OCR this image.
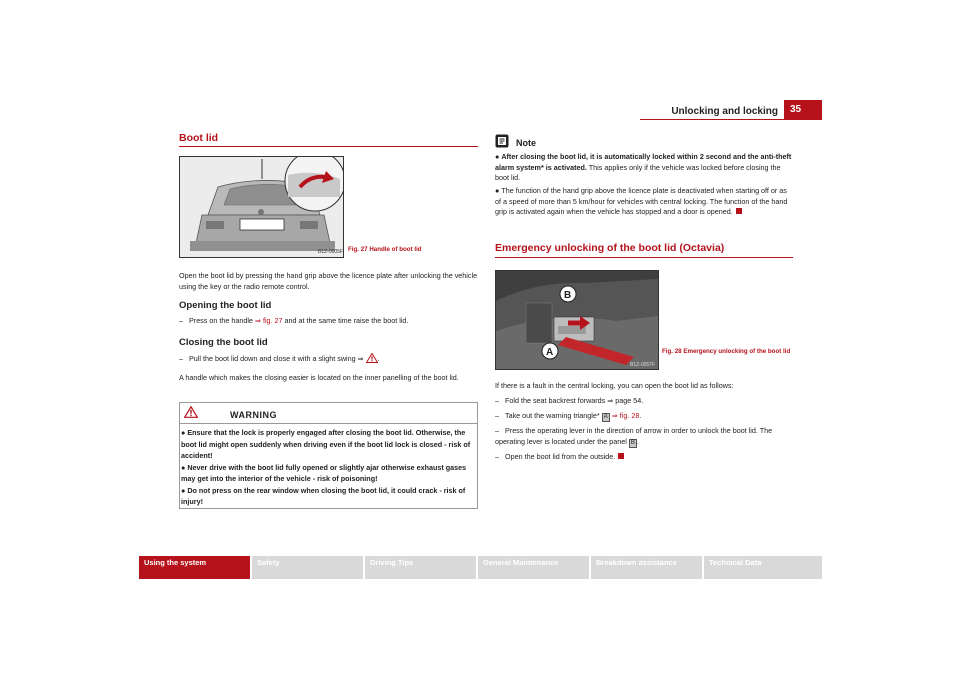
Unlocking and locking	35
Boot lid
B1Z-0005F Fig. 27 Handle of boot lid
Open the boot lid by pressing the hand grip above the licence plate after unlocking the vehicle using the key or the radio remote control.
Opening the boot lid
– Press on the handle ⇒ fig. 27 and at the same time raise the boot lid.
Closing the boot lid
– Pull the boot lid down and close it with a slight swing ⇒ .
A handle which makes the closing easier is located on the inner panelling of the boot lid.
WARNING
● Ensure that the lock is properly engaged after closing the boot lid. Otherwise, the boot lid might open suddenly when driving even if the boot lid lock is closed - risk of accident!
● Never drive with the boot lid fully opened or slightly ajar otherwise exhaust gases may get into the interior of the vehicle - risk of poisoning!
● Do not press on the rear window when closing the boot lid, it could crack - risk of injury!
Note
● After closing the boot lid, it is automatically locked within 2 second and the anti-theft alarm system* is activated. This applies only if the vehicle was locked before closing the boot lid.
● The function of the hand grip above the licence plate is deactivated when starting off or as of a speed of more than 5 km/hour for vehicles with central locking. The function of the hand grip is activated again when the vehicle has stopped and a door is opened.
Emergency unlocking of the boot lid (Octavia)
B
A
B1Z-0057F
Fig. 28 Emergency unlocking of the boot lid
If there is a fault in the central locking, you can open the boot lid as follows:
– Fold the seat backrest forwards ⇒ page 54.
– Take out the warning triangle* A ⇒ fig. 28.
– Press the operating lever in the direction of arrow in order to unlock the boot lid. The operating lever is located under the panel B .
– Open the boot lid from the outside.
Using the system	Safety	Driving Tips	General Maintenance	Breakdown assistance	Technical Data
